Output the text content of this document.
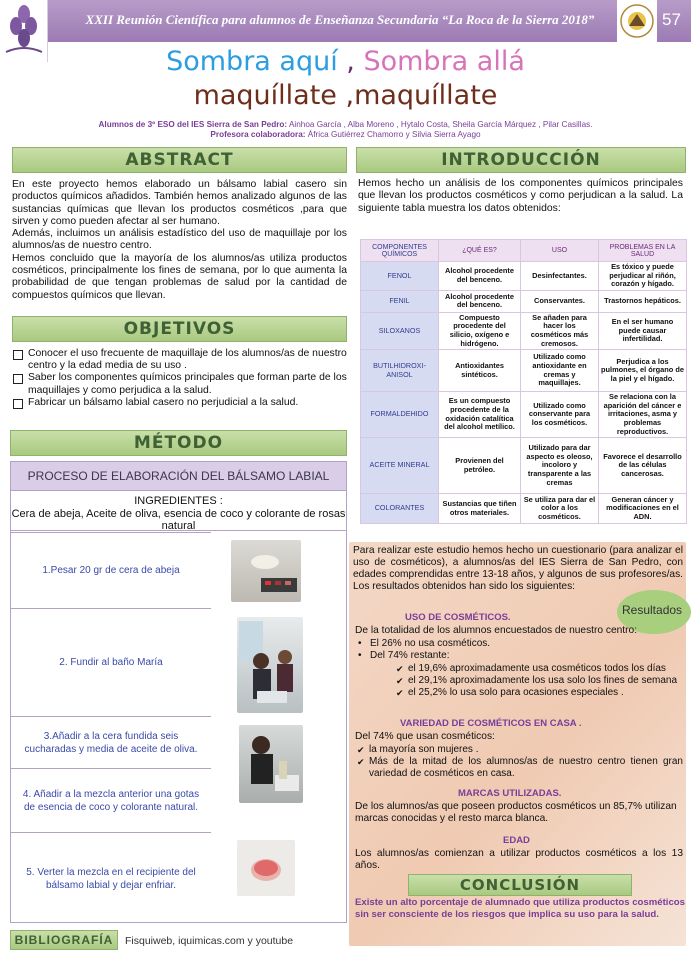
XXII Reunión Científica para alumnos de Enseñanza Secundaria “La Roca de la Sierra 2018”	57
Sombra aquí , Sombra allá
maquíllate ,maquíllate
Alumnos de 3º ESO del IES Sierra de San Pedro: Ainhoa García , Alba Moreno , Hytalo Costa, Sheila García Márquez , Pilar Casillas.
Profesora colaboradora: África Gutiérrez Chamorro y Silvia Sierra Ayago
ABSTRACT

En este proyecto hemos elaborado un bálsamo labial casero sin productos químicos añadidos. También hemos analizado algunos de las sustancias químicas que llevan los productos cosméticos ,para que sirven y como pueden afectar al ser humano.

Además, incluimos un análisis estadístico del uso de maquillaje por los alumnos/as de nuestro centro.

Hemos concluido que la mayoría de los alumnos/as utiliza productos cosméticos, principalmente los fines de semana, por lo que aumenta la probabilidad de que tengan problemas de salud por la cantidad de compuestos químicos que llevan.

OBJETIVOS
Conocer el uso frecuente de maquillaje de los alumnos/as de nuestro centro y la edad media de su uso .
Saber los componentes químicos principales que forman parte de los maquillajes y como perjudica a la salud.
Fabricar un bálsamo labial casero no perjudicial a la salud.
MÉTODO
PROCESO DE ELABORACIÓN DEL BÁLSAMO LABIAL
INGREDIENTES :
Cera de abeja, Aceite de oliva, esencia de coco y colorante de rosas natural
1.Pesar 20 gr de cera de abeja
2. Fundir al baño María
3.Añadir a la cera fundida seis cucharadas y media de aceite de oliva.
4. Añadir a la mezcla anterior una gotas de esencia de coco y colorante natural.
5. Verter la mezcla en el recipiente del bálsamo labial y dejar enfriar.
BIBLIOGRAFÍA	Fisquiweb, iquimicas.com y youtube
INTRODUCCIÓN
Hemos hecho un análisis de los componentes químicos principales que llevan los productos cosméticos y como perjudican a la salud. La siguiente tabla muestra los datos obtenidos:
COMPONENTES QUÍMICOS	¿QUÉ ES?	USO	PROBLEMAS EN LA SALUD
FENOL	Alcohol procedente del benceno.	Desinfectantes.	Es tóxico y puede perjudicar al riñón, corazón y hígado.
FENIL	Alcohol procedente del benceno.	Conservantes.	Trastornos hepáticos.
SILOXANOS	Compuesto procedente del silicio, oxígeno e hidrógeno.	Se añaden para hacer los cosméticos más cremosos.	En el ser humano puede causar infertilidad.
BUTILHIDROXI-ANISOL	Antioxidantes sintéticos.	Utilizado como antioxidante en cremas y maquillajes.	Perjudica a los pulmones, el órgano de la piel y el hígado.
FORMALDEHIDO	Es un compuesto procedente de la oxidación catalítica del alcohol metílico.	Utilizado como conservante para los cosméticos.	Se relaciona con la aparición del cáncer e irritaciones, asma y problemas reproductivos.
ACEITE MINERAL	Provienen del petróleo.	Utilizado para dar aspecto es oleoso, incoloro y transparente a las cremas	Favorece el desarrollo de las células cancerosas.
COLORANTES	Sustancias que tiñen otros materiales.	Se utiliza para dar el color a los cosméticos.	Generan cáncer y modificaciones en el ADN.
Para realizar este estudio hemos hecho un cuestionario (para analizar el uso de cosméticos), a alumnos/as del IES Sierra de San Pedro, con edades comprendidas entre 13-18 años, y algunos de sus profesores/as. Los resultados obtenidos han sido los siguientes:
Resultados
USO DE COSMÉTICOS.
De la totalidad de los alumnos encuestados de nuestro centro:
• El 26% no usa cosméticos.
• Del 74% restante:
✔ el 19,6% aproximadamente usa cosméticos todos los días
✔ el 29,1% aproximadamente los usa solo los fines de semana
✔ el 25,2% lo usa solo para ocasiones especiales .
VARIEDAD DE COSMÉTICOS EN CASA .
Del 74% que usan cosméticos:
✔ la mayoría son mujeres .
✔ Más de la mitad de los alumnos/as de nuestro centro tienen gran variedad de cosméticos en casa.
MARCAS UTILIZADAS.
De los alumnos/as que poseen productos cosméticos un 85,7% utilizan marcas conocidas y el resto marca blanca.
EDAD
Los alumnos/as comienzan a utilizar productos cosméticos a los 13 años.
CONCLUSIÓN
Existe un alto porcentaje de alumnado que utiliza productos cosméticos sin ser consciente de los riesgos que implica su uso para la salud.
